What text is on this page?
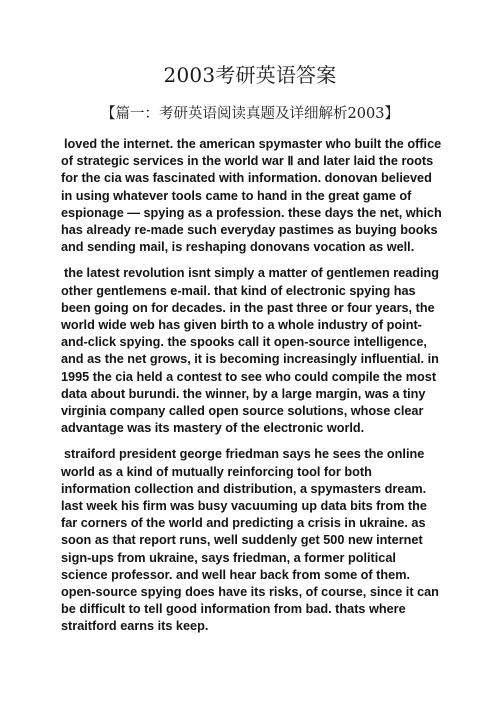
2003考研英语答案
【篇一：考研英语阅读真题及详细解析2003】

loved the internet. the american spymaster who built the office of strategic services in the world war Ⅱ and later laid the roots for the cia was fascinated with information. donovan believed in using whatever tools came to hand in the great game of espionage — spying as a profession. these days the net, which has already re-made such everyday pastimes as buying books and sending mail, is reshaping donovans vocation as well.

the latest revolution isnt simply a matter of gentlemen reading other gentlemens e-mail. that kind of electronic spying has been going on for decades. in the past three or four years, the world wide web has given birth to a whole industry of point-and-click spying. the spooks call it open-source intelligence, and as the net grows, it is becoming increasingly influential. in 1995 the cia held a contest to see who could compile the most data about burundi. the winner, by a large margin, was a tiny virginia company called open source solutions, whose clear advantage was its mastery of the electronic world.

straiford president george friedman says he sees the online world as a kind of mutually reinforcing tool for both information collection and distribution, a spymasters dream. last week his firm was busy vacuuming up data bits from the far corners of the world and predicting a crisis in ukraine. as soon as that report runs, well suddenly get 500 new internet sign-ups from ukraine, says friedman, a former political science professor. and well hear back from some of them. open-source spying does have its risks, of course, since it can be difficult to tell good information from bad. thats where straitford earns its keep.
